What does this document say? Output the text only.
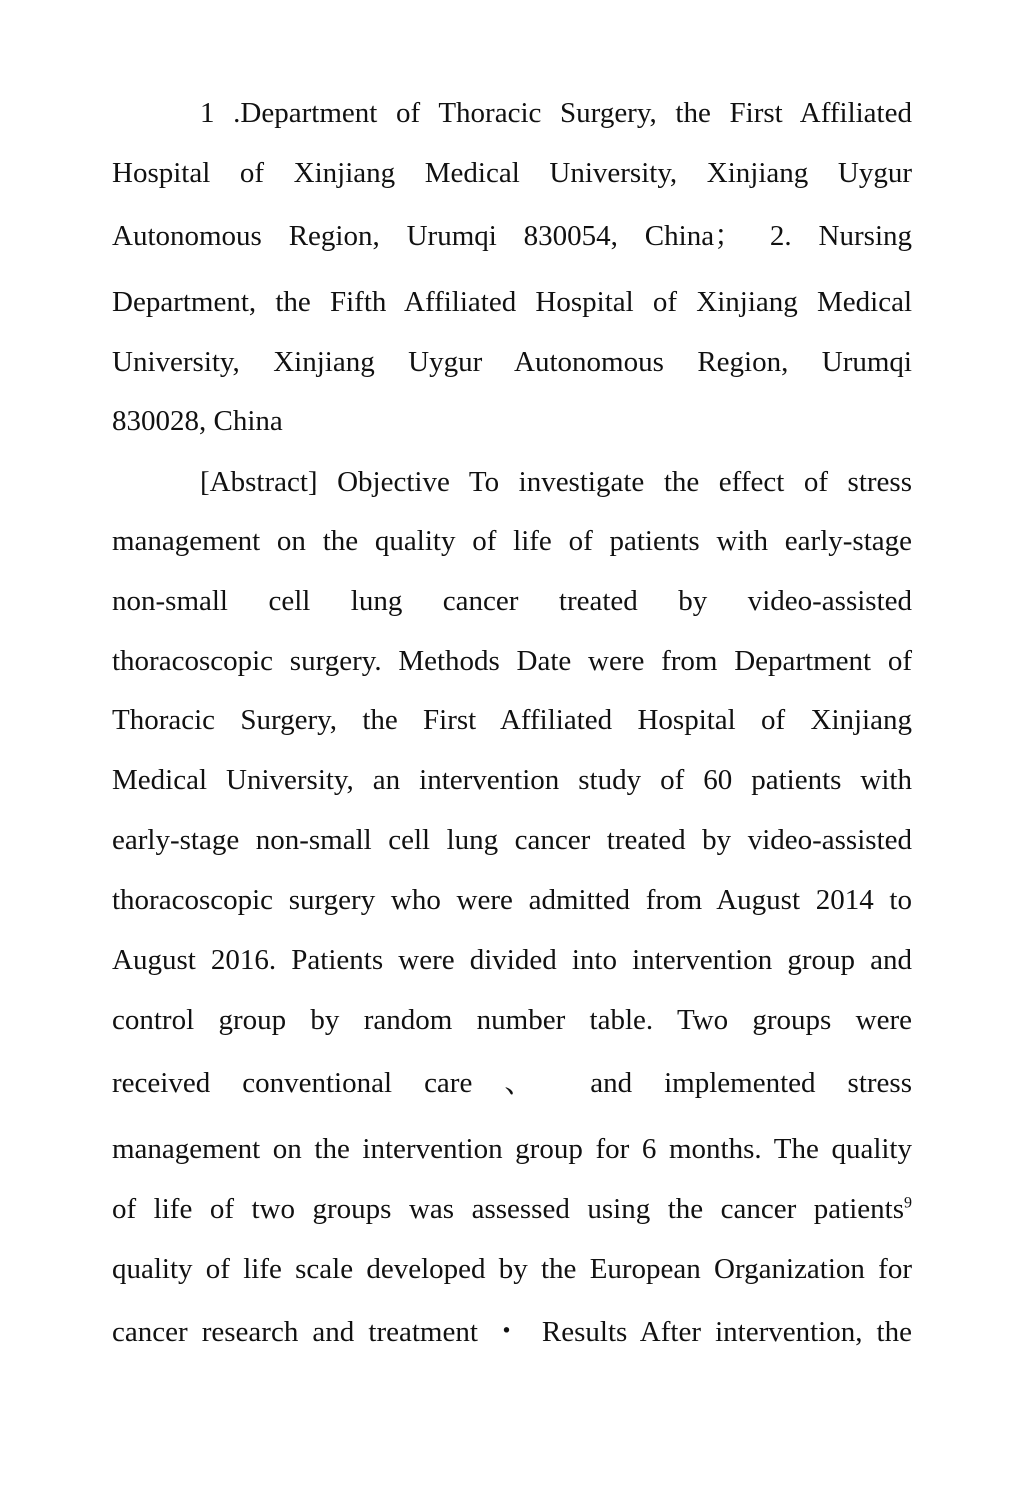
1 .Department of Thoracic Surgery, the First Affiliated
Hospital of Xinjiang Medical University, Xinjiang Uygur
Autonomous Region, Urumqi 830054, China； 2. Nursing
Department, the Fifth Affiliated Hospital of Xinjiang Medical
University, Xinjiang Uygur Autonomous Region, Urumqi
830028, China
[Abstract] Objective To investigate the effect of stress
management on the quality of life of patients with early-stage
non-small cell lung cancer treated by video-assisted
thoracoscopic surgery. Methods Date were from Department of
Thoracic Surgery, the First Affiliated Hospital of Xinjiang
Medical University, an intervention study of 60 patients with
early-stage non-small cell lung cancer treated by video-assisted
thoracoscopic surgery who were admitted from August 2014 to
August 2016. Patients were divided into intervention group and
control group by random number table. Two groups were
received conventional care 、 and implemented stress
management on the intervention group for 6 months. The quality
of life of two groups was assessed using the cancer patients$^9$
quality of life scale developed by the European Organization for
cancer research and treatment ・ Results After intervention, the
